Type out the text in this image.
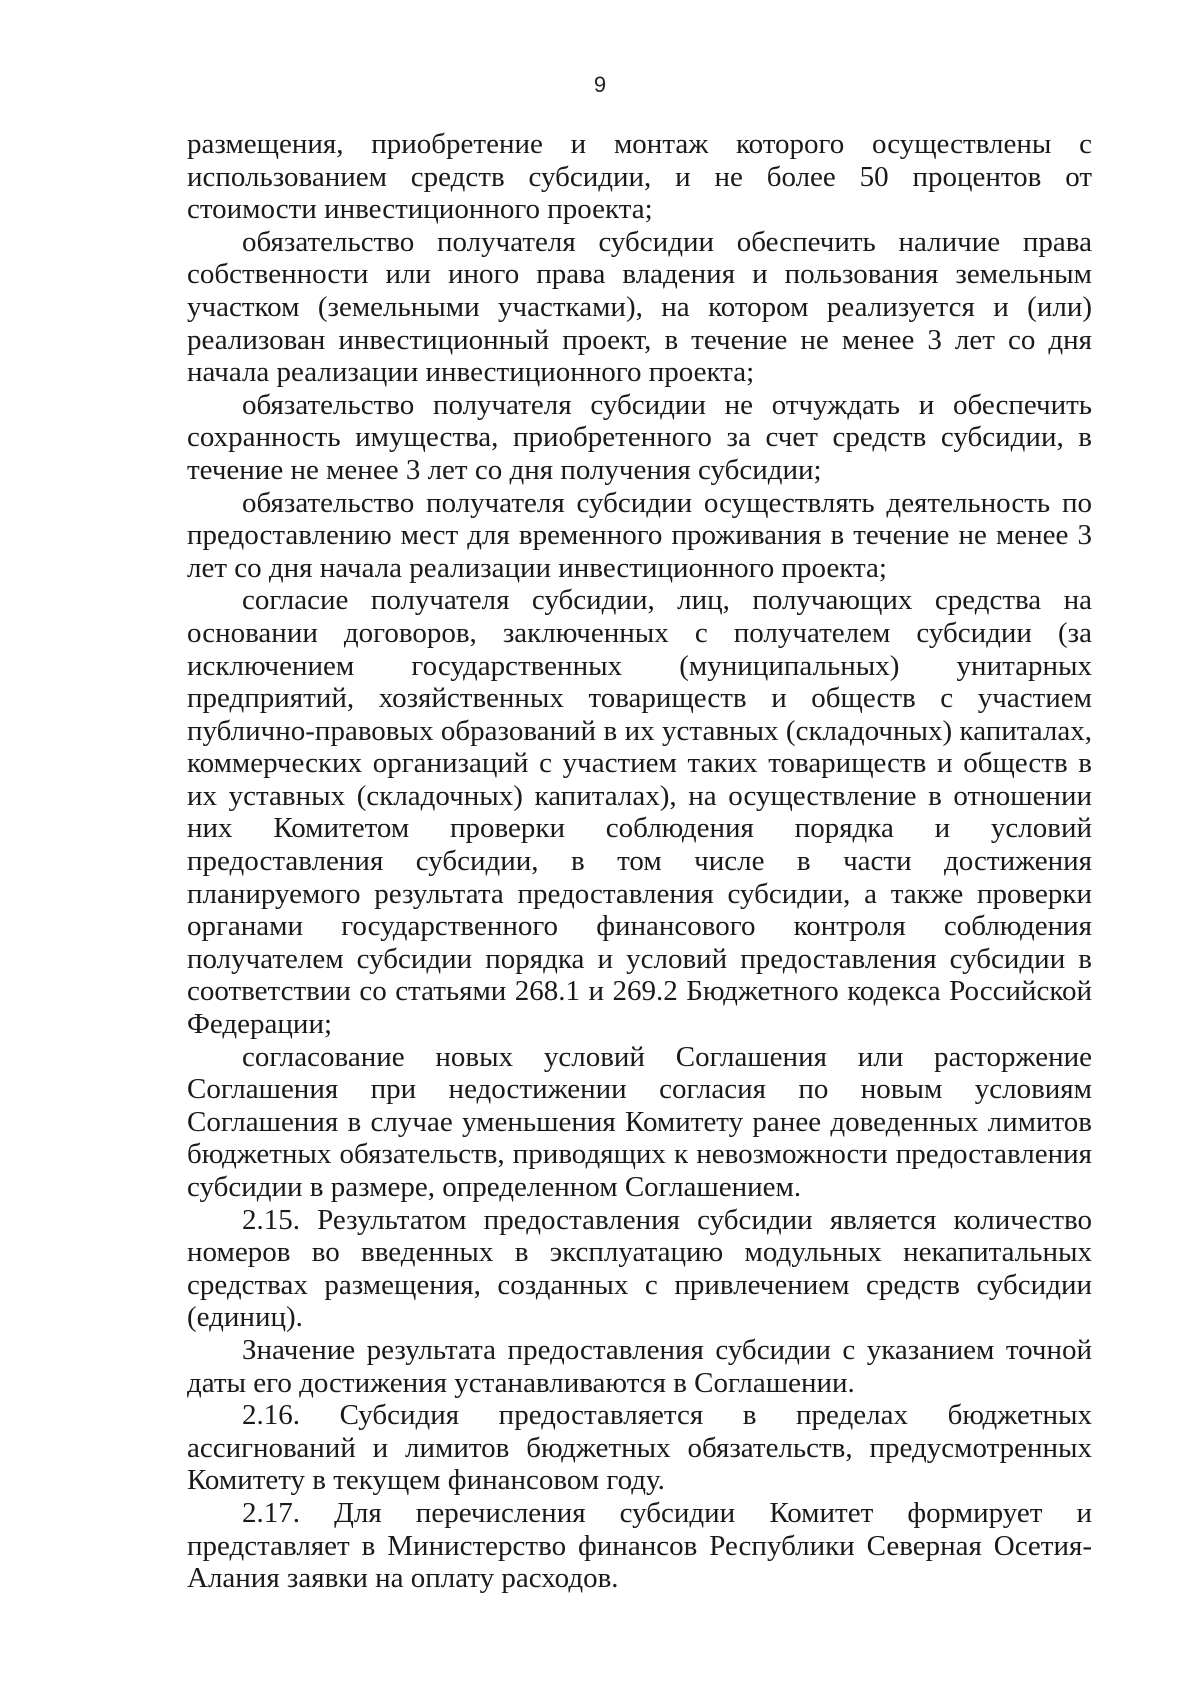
9

размещения, приобретение и монтаж которого осуществлены с использованием средств субсидии, и не более 50 процентов от стоимости инвестиционного проекта;

обязательство получателя субсидии обеспечить наличие права собственности или иного права владения и пользования земельным участком (земельными участками), на котором реализуется и (или) реализован инвестиционный проект, в течение не менее 3 лет со дня начала реализации инвестиционного проекта;

обязательство получателя субсидии не отчуждать и обеспечить сохранность имущества, приобретенного за счет средств субсидии, в течение не менее 3 лет со дня получения субсидии;

обязательство получателя субсидии осуществлять деятельность по предоставлению мест для временного проживания в течение не менее 3 лет со дня начала реализации инвестиционного проекта;

согласие получателя субсидии, лиц, получающих средства на основании договоров, заключенных с получателем субсидии (за исключением государственных (муниципальных) унитарных предприятий, хозяйственных товариществ и обществ с участием публично-правовых образований в их уставных (складочных) капиталах, коммерческих организаций с участием таких товариществ и обществ в их уставных (складочных) капиталах), на осуществление в отношении них Комитетом проверки соблюдения порядка и условий предоставления субсидии, в том числе в части достижения планируемого результата предоставления субсидии, а также проверки органами государственного финансового контроля соблюдения получателем субсидии порядка и условий предоставления субсидии в соответствии со статьями 268.1 и 269.2 Бюджетного кодекса Российской Федерации;

согласование новых условий Соглашения или расторжение Соглашения при недостижении согласия по новым условиям Соглашения в случае уменьшения Комитету ранее доведенных лимитов бюджетных обязательств, приводящих к невозможности предоставления субсидии в размере, определенном Соглашением.

2.15. Результатом предоставления субсидии является количество номеров во введенных в эксплуатацию модульных некапитальных средствах размещения, созданных с привлечением средств субсидии (единиц).

Значение результата предоставления субсидии с указанием точной даты его достижения устанавливаются в Соглашении.

2.16. Субсидия предоставляется в пределах бюджетных ассигнований и лимитов бюджетных обязательств, предусмотренных Комитету в текущем финансовом году.

2.17. Для перечисления субсидии Комитет формирует и представляет в Министерство финансов Республики Северная Осетия-Алания заявки на оплату расходов.
